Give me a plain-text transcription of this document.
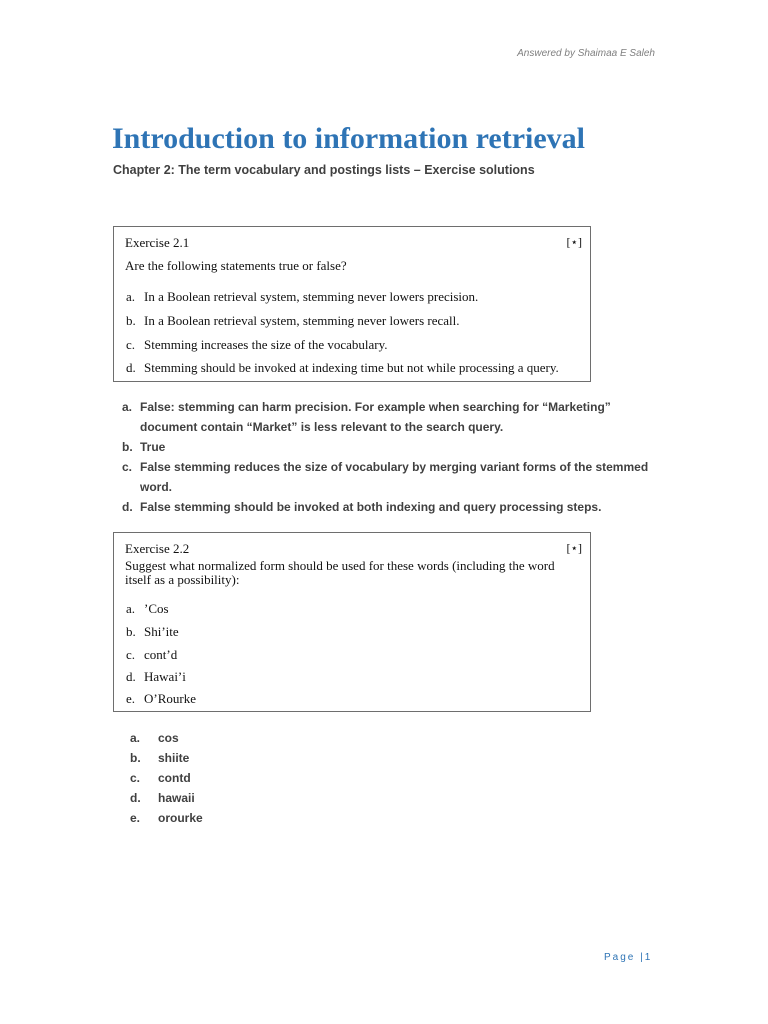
Answered by Shaimaa E Saleh
Introduction to information retrieval
Chapter 2: The term vocabulary and postings lists – Exercise solutions
Exercise 2.1	[⋆]
Are the following statements true or false?
a. In a Boolean retrieval system, stemming never lowers precision.
b. In a Boolean retrieval system, stemming never lowers recall.
c. Stemming increases the size of the vocabulary.
d. Stemming should be invoked at indexing time but not while processing a query.
a. False: stemming can harm precision. For example when searching for “Marketing” document contain “Market” is less relevant to the search query.
b. True
c. False stemming reduces the size of vocabulary by merging variant forms of the stemmed word.
d. False stemming should be invoked at both indexing and query processing steps.
Exercise 2.2	[⋆]
Suggest what normalized form should be used for these words (including the word itself as a possibility):
a. ’Cos
b. Shi’ite
c. cont’d
d. Hawai’i
e. O’Rourke
a. cos
b. shiite
c. contd
d. hawaii
e. orourke
Page |1
